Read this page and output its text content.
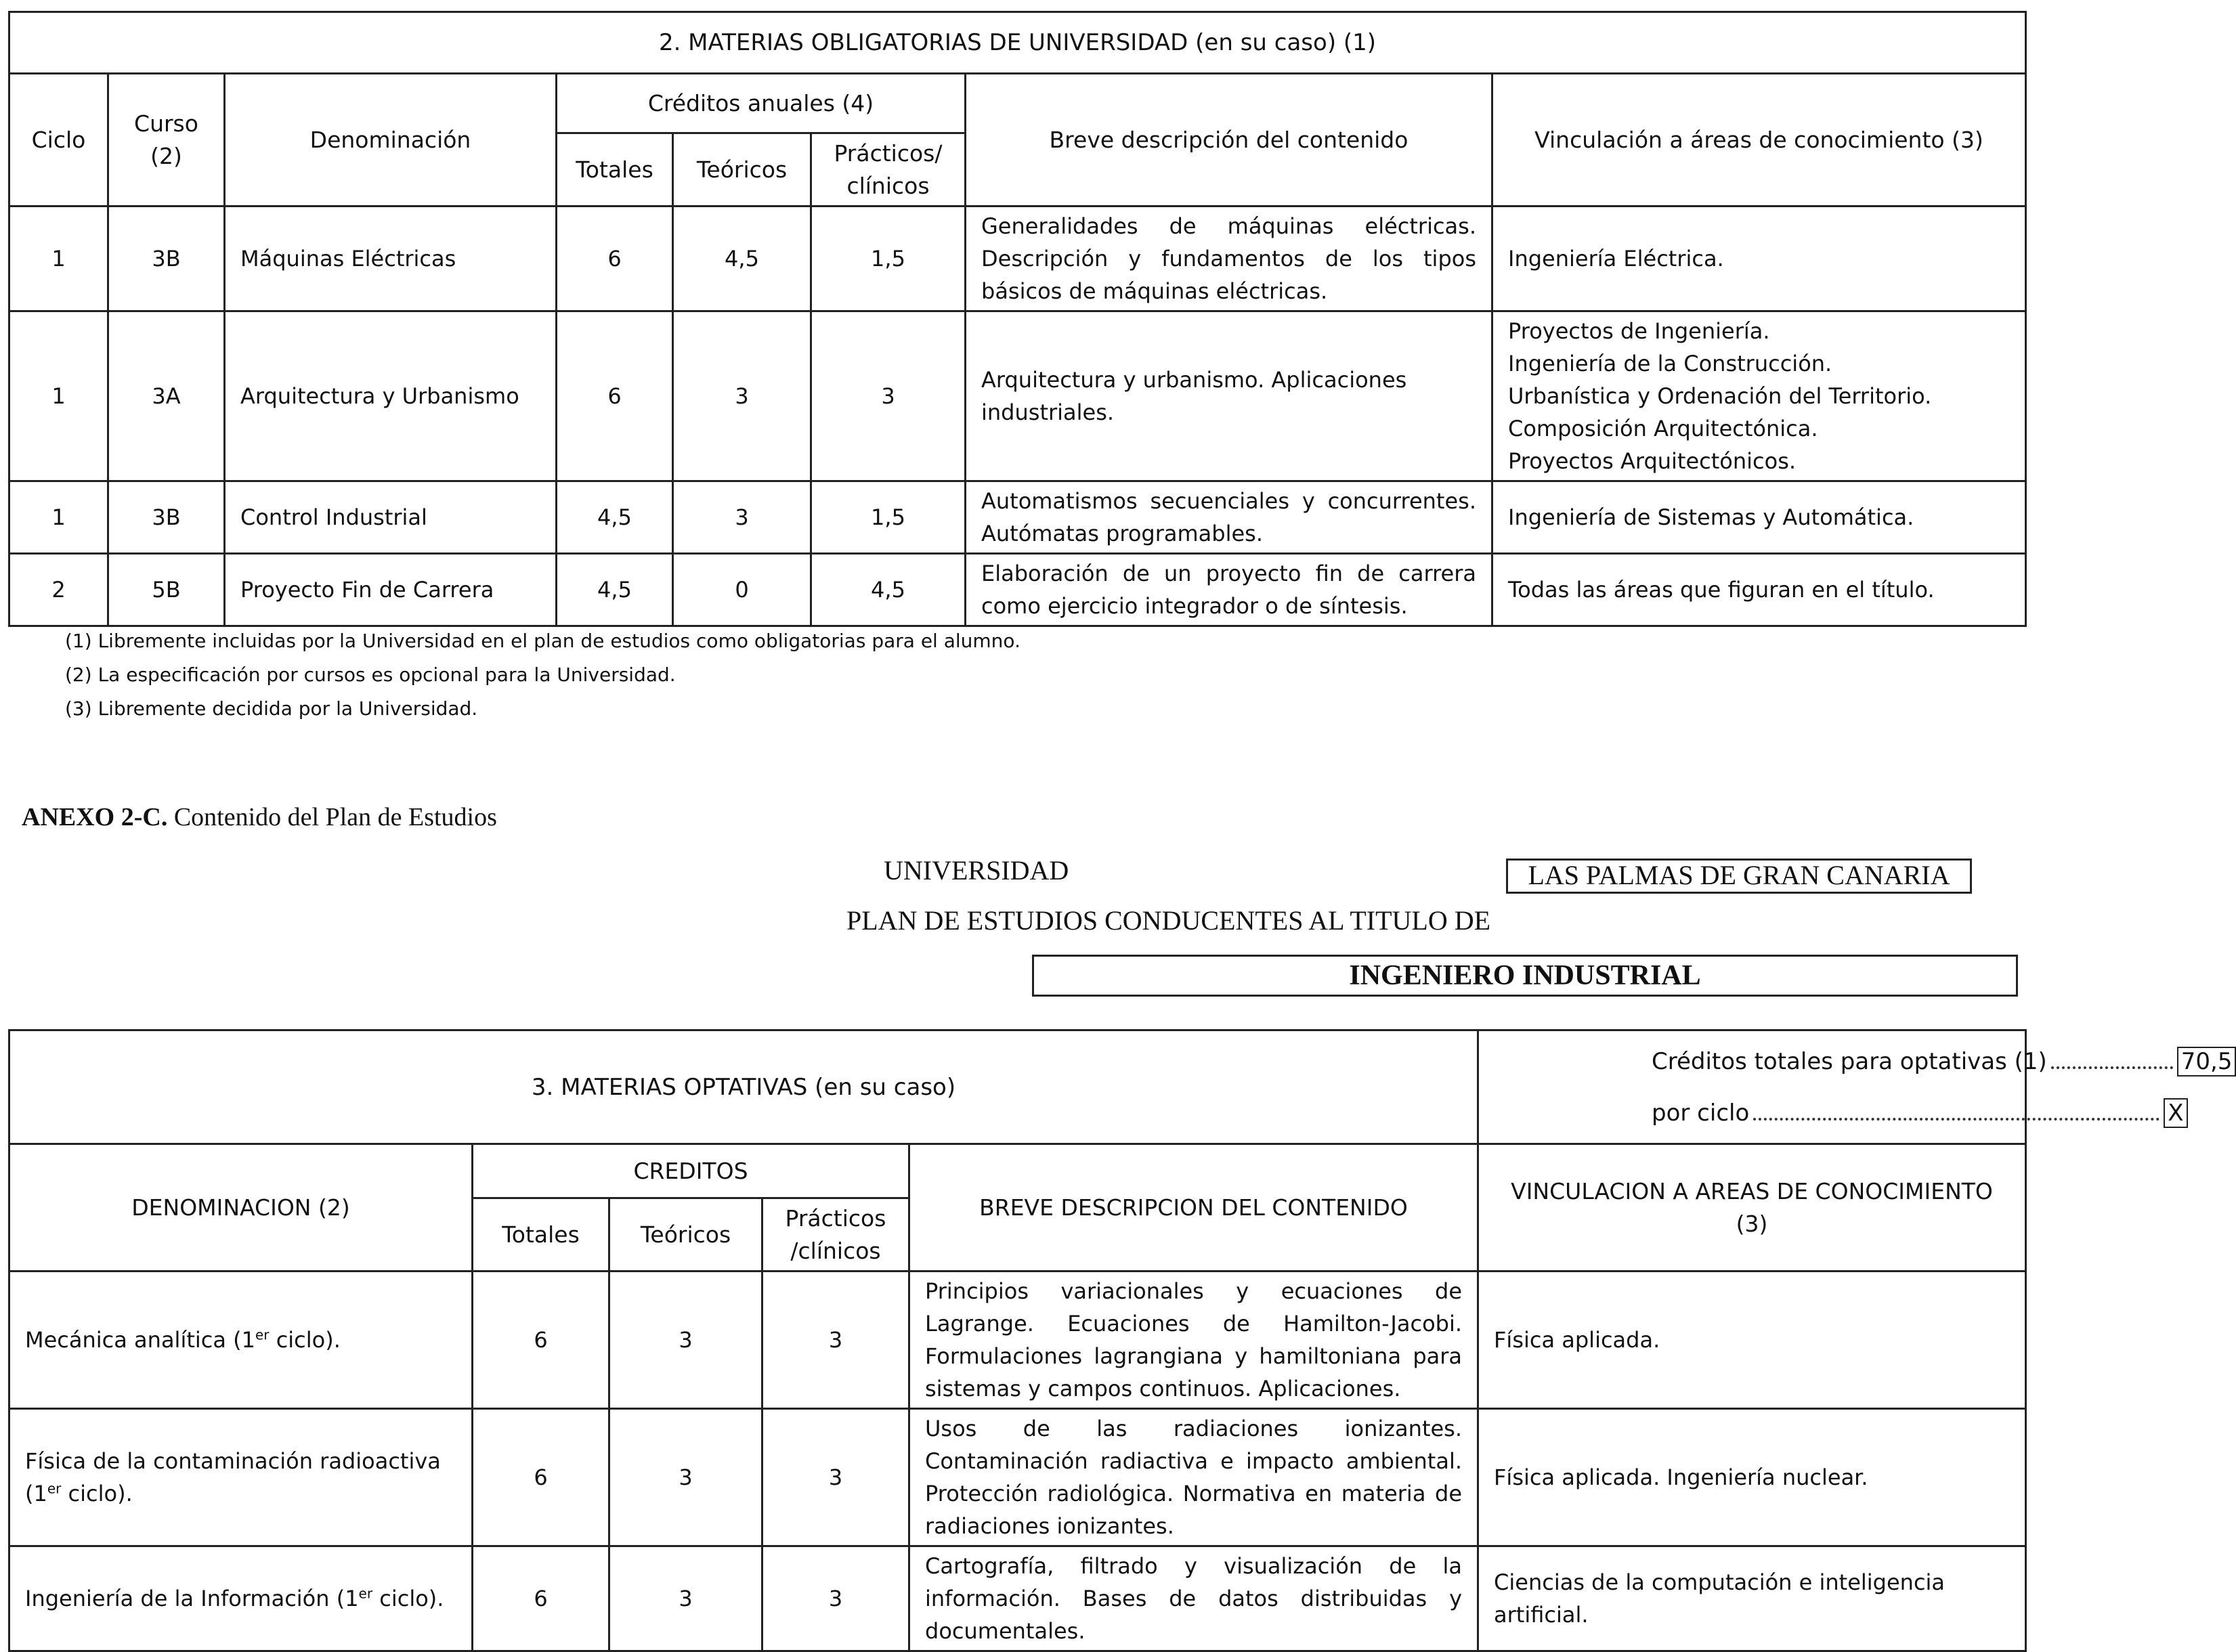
2. MATERIAS OBLIGATORIAS DE UNIVERSIDAD (en su caso) (1)							
Ciclo	Curso (2)	Denominación	Créditos anuales (4)			Breve descripción del contenido	Vinculación a áreas de conocimiento (3)
			Totales	Teóricos	Prácticos/ clínicos		
1	3B	Máquinas Eléctricas	6	4,5	1,5	Generalidades de máquinas eléctricas. Descripción y fundamentos de los tipos básicos de máquinas eléctricas.	Ingeniería Eléctrica.
1	3A	Arquitectura y Urbanismo	6	3	3	Arquitectura y urbanismo. Aplicaciones industriales.	Proyectos de Ingeniería.
Ingeniería de la Construcción.
Urbanística y Ordenación del Territorio.
Composición Arquitectónica.
Proyectos Arquitectónicos.

1	3B	Control Industrial	4,5	3	1,5	Automatismos secuenciales y concurrentes. Autómatas programables.	Ingeniería de Sistemas y Automática.
2	5B	Proyecto Fin de Carrera	4,5	0	4,5	Elaboración de un proyecto fin de carrera como ejercicio integrador o de síntesis.	Todas las áreas que figuran en el título.
(1) Libremente incluidas por la Universidad en el plan de estudios como obligatorias para el alumno.
(2) La especificación por cursos es opcional para la Universidad.
(3) Libremente decidida por la Universidad.
ANEXO 2-C. Contenido del Plan de Estudios
UNIVERSIDAD	LAS PALMAS DE GRAN CANARIA
PLAN DE ESTUDIOS CONDUCENTES AL TITULO DE
INGENIERO INDUSTRIAL
3. MATERIAS OPTATIVAS (en su caso)					Créditos totales para optativas (1) 70,5
por ciclo X

DENOMINACION (2)	CREDITOS			BREVE DESCRIPCION DEL CONTENIDO	VINCULACION A AREAS DE CONOCIMIENTO (3)
	Totales	Teóricos	Prácticos /clínicos		
Mecánica analítica (1er ciclo).	6	3	3	Principios variacionales y ecuaciones de Lagrange. Ecuaciones de Hamilton-Jacobi. Formulaciones lagrangiana y hamiltoniana para sistemas y campos continuos. Aplicaciones.	Física aplicada.
Física de la contaminación radioactiva (1er ciclo).	6	3	3	Usos de las radiaciones ionizantes. Contaminación radiactiva e impacto ambiental. Protección radiológica. Normativa en materia de radiaciones ionizantes.	Física aplicada. Ingeniería nuclear.
Ingeniería de la Información (1er ciclo).	6	3	3	Cartografía, filtrado y visualización de la información. Bases de datos distribuidas y documentales.	Ciencias de la computación e inteligencia artificial.
